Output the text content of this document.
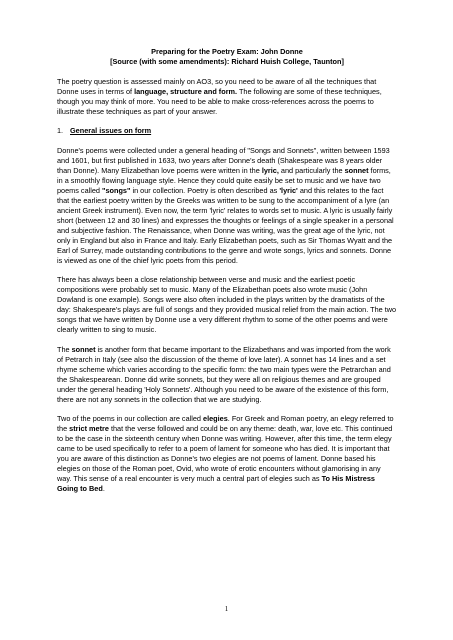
Preparing for the Poetry Exam: John Donne
[Source (with some amendments): Richard Huish College, Taunton]

The poetry question is assessed mainly on AO3, so you need to be aware of all the techniques that Donne uses in terms of language, structure and form. The following are some of these techniques, though you may think of more. You need to be able to make cross-references across the poems to illustrate these techniques as part of your answer.

1. General issues on form

Donne's poems were collected under a general heading of "Songs and Sonnets", written between 1593 and 1601, but first published in 1633, two years after Donne's death (Shakespeare was 8 years older than Donne). Many Elizabethan love poems were written in the lyric, and particularly the sonnet forms, in a smoothly flowing language style. Hence they could quite easily be set to music and we have two poems called "songs" in our collection. Poetry is often described as 'lyric' and this relates to the fact that the earliest poetry written by the Greeks was written to be sung to the accompaniment of a lyre (an ancient Greek instrument). Even now, the term 'lyric' relates to words set to music. A lyric is usually fairly short (between 12 and 30 lines) and expresses the thoughts or feelings of a single speaker in a personal and subjective fashion. The Renaissance, when Donne was writing, was the great age of the lyric, not only in England but also in France and Italy. Early Elizabethan poets, such as Sir Thomas Wyatt and the Earl of Surrey, made outstanding contributions to the genre and wrote songs, lyrics and sonnets. Donne is viewed as one of the chief lyric poets from this period.

There has always been a close relationship between verse and music and the earliest poetic compositions were probably set to music. Many of the Elizabethan poets also wrote music (John Dowland is one example). Songs were also often included in the plays written by the dramatists of the day: Shakespeare's plays are full of songs and they provided musical relief from the main action. The two songs that we have written by Donne use a very different rhythm to some of the other poems and were clearly written to sing to music.

The sonnet is another form that became important to the Elizabethans and was imported from the work of Petrarch in Italy (see also the discussion of the theme of love later). A sonnet has 14 lines and a set rhyme scheme which varies according to the specific form: the two main types were the Petrarchan and the Shakespearean. Donne did write sonnets, but they were all on religious themes and are grouped under the general heading 'Holy Sonnets'. Although you need to be aware of the existence of this form, there are not any sonnets in the collection that we are studying.

Two of the poems in our collection are called elegies. For Greek and Roman poetry, an elegy referred to the strict metre that the verse followed and could be on any theme: death, war, love etc. This continued to be the case in the sixteenth century when Donne was writing. However, after this time, the term elegy came to be used specifically to refer to a poem of lament for someone who has died. It is important that you are aware of this distinction as Donne's two elegies are not poems of lament. Donne based his elegies on those of the Roman poet, Ovid, who wrote of erotic encounters without glamorising in any way. This sense of a real encounter is very much a central part of elegies such as To His Mistress Going to Bed.

1
